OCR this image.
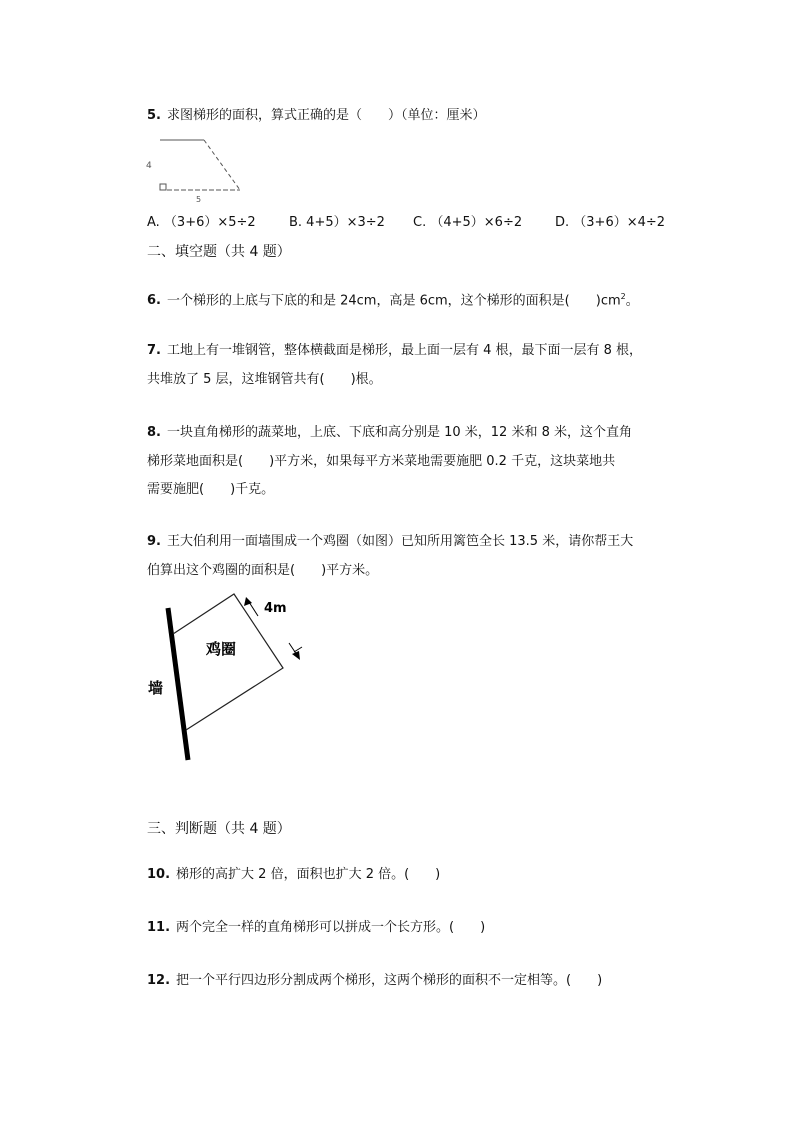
5. 求图梯形的面积，算式正确的是（　　）（单位：厘米）
4
5
A. （3+6）×5÷2	B. 4+5）×3÷2 C. （4+5）×6÷2	D. （3+6）×4÷2
二、填空题（共 4 题）
6. 一个梯形的上底与下底的和是 24cm，高是 6cm，这个梯形的面积是(　　)$cm^2$。
7. 工地上有一堆钢管，整体横截面是梯形，最上面一层有 4 根，最下面一层有 8 根，
共堆放了 5 层，这堆钢管共有(　　)根。
8. 一块直角梯形的蔬菜地，上底、下底和高分别是 10 米，12 米和 8 米，这个直角
梯形菜地面积是(　　)平方米，如果每平方米菜地需要施肥 0.2 千克，这块菜地共
需要施肥(　　)千克。
9. 王大伯利用一面墙围成一个鸡圈（如图）已知所用篱笆全长 13.5 米，请你帮王大
伯算出这个鸡圈的面积是(　　)平方米。
4m
鸡圈
墙
三、判断题（共 4 题）
10. 梯形的高扩大 2 倍，面积也扩大 2 倍。(　　)
11. 两个完全一样的直角梯形可以拼成一个长方形。(　　)
12. 把一个平行四边形分割成两个梯形，这两个梯形的面积不一定相等。(　　)
